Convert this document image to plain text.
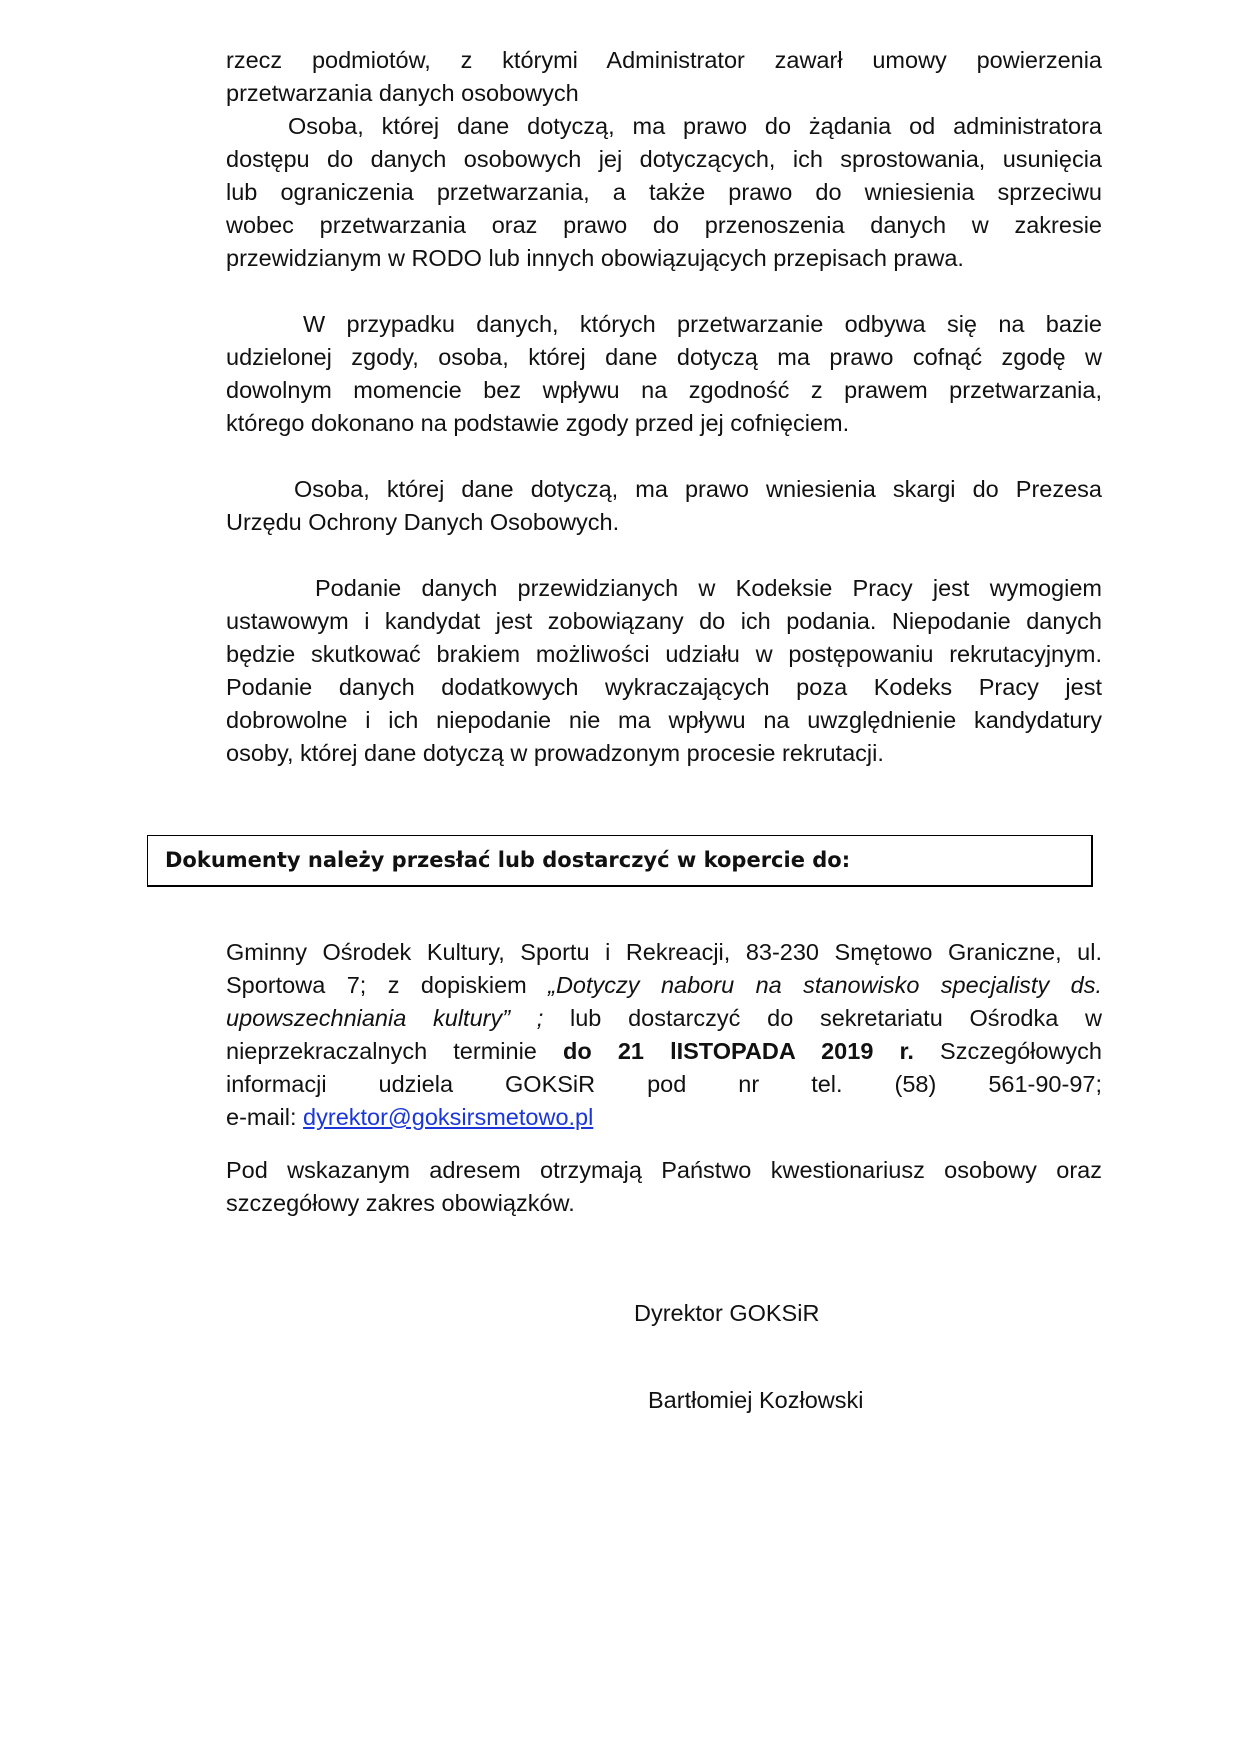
rzecz podmiotów, z którymi Administrator zawarł umowy powierzenia
przetwarzania danych osobowych
Osoba, której dane dotyczą, ma prawo do żądania od administratora
dostępu do danych osobowych jej dotyczących, ich sprostowania, usunięcia
lub ograniczenia przetwarzania, a także prawo do wniesienia sprzeciwu
wobec przetwarzania oraz prawo do przenoszenia danych w zakresie
przewidzianym w RODO lub innych obowiązujących przepisach prawa.
W przypadku danych, których przetwarzanie odbywa się na bazie
udzielonej zgody, osoba, której dane dotyczą ma prawo cofnąć zgodę w
dowolnym momencie bez wpływu na zgodność z prawem przetwarzania,
którego dokonano na podstawie zgody przed jej cofnięciem.
Osoba, której dane dotyczą, ma prawo wniesienia skargi do Prezesa
Urzędu Ochrony Danych Osobowych.
Podanie danych przewidzianych w Kodeksie Pracy jest wymogiem
ustawowym i kandydat jest zobowiązany do ich podania. Niepodanie danych
będzie skutkować brakiem możliwości udziału w postępowaniu rekrutacyjnym.
Podanie danych dodatkowych wykraczających poza Kodeks Pracy jest
dobrowolne i ich niepodanie nie ma wpływu na uwzględnienie kandydatury
osoby, której dane dotyczą w prowadzonym procesie rekrutacji.
Dokumenty należy przesłać lub dostarczyć w kopercie do:
Gminny Ośrodek Kultury, Sportu i Rekreacji, 83-230 Smętowo Graniczne, ul.
Sportowa 7; z dopiskiem „Dotyczy naboru na stanowisko specjalisty ds.
upowszechniania kultury” ; lub dostarczyć do sekretariatu Ośrodka w
nieprzekraczalnych terminie do 21 lISTOPADA 2019 r. Szczegółowych
informacji udziela GOKSiR pod nr tel. (58) 561-90-97;
e-mail: dyrektor@goksirsmetowo.pl
Pod wskazanym adresem otrzymają Państwo kwestionariusz osobowy oraz
szczegółowy zakres obowiązków.
Dyrektor GOKSiR
Bartłomiej Kozłowski
